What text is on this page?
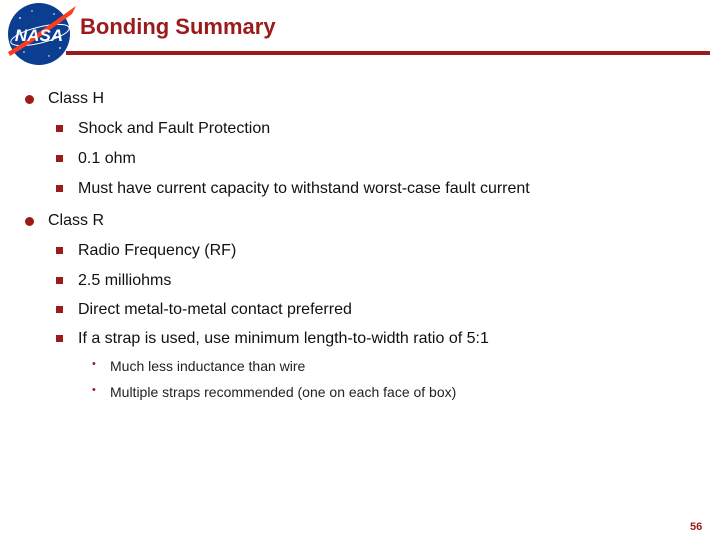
NASA Bonding Summary
Class H
Shock and Fault Protection
0.1 ohm
Must have current capacity to withstand worst-case fault current
Class R
Radio Frequency (RF)
2.5 milliohms
Direct metal-to-metal contact preferred
If a strap is used, use minimum length-to-width ratio of 5:1
• Much less inductance than wire
• Multiple straps recommended (one on each face of box)
56
